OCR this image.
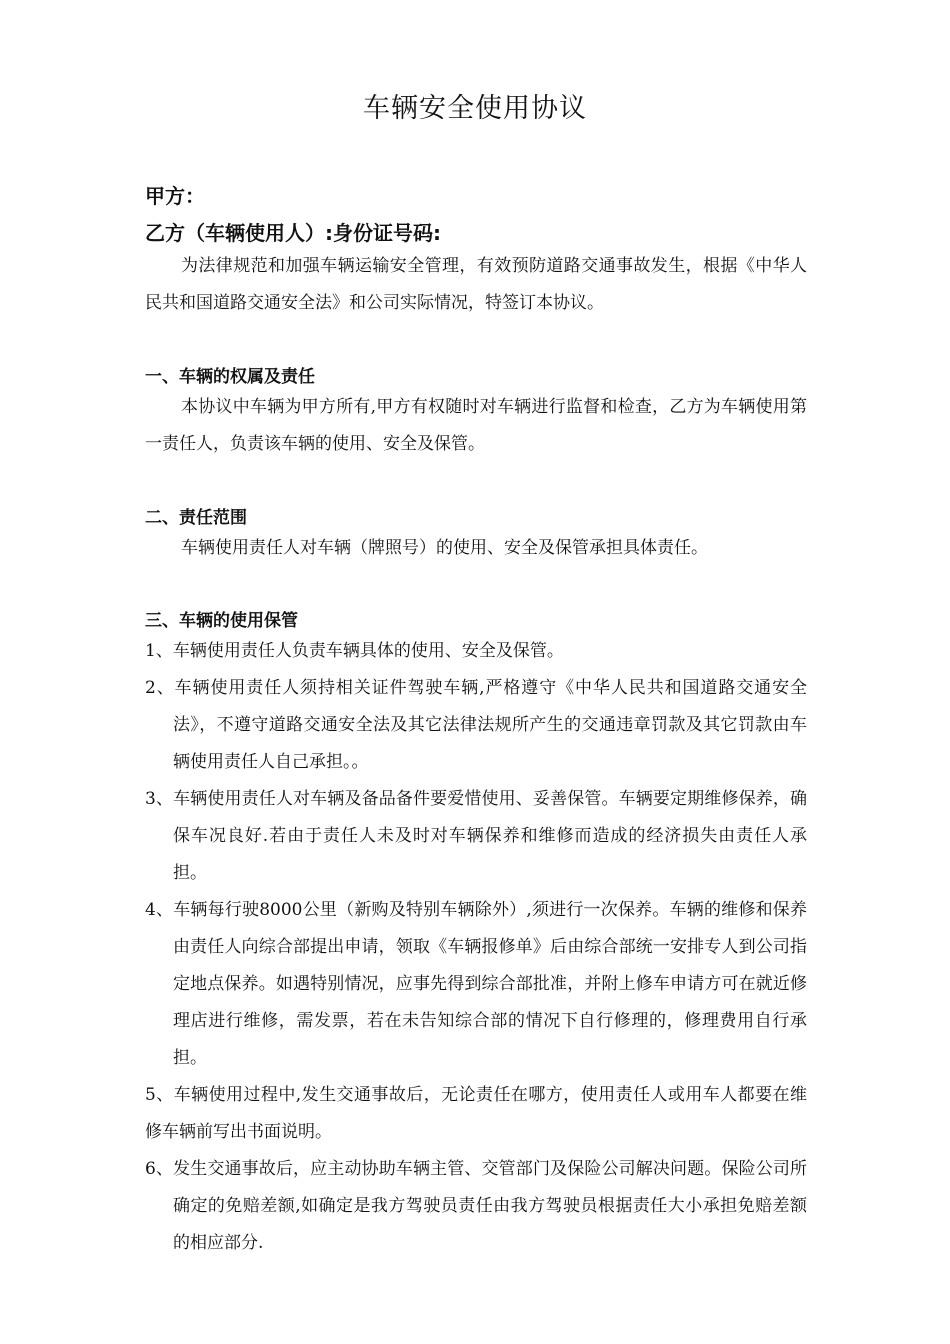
车辆安全使用协议
甲方：
乙方（车辆使用人）:身份证号码:

为法律规范和加强车辆运输安全管理，有效预防道路交通事故发生，根据《中华人民共和国道路交通安全法》和公司实际情况，特签订本协议。

一、车辆的权属及责任

本协议中车辆为甲方所有,甲方有权随时对车辆进行监督和检查，乙方为车辆使用第一责任人，负责该车辆的使用、安全及保管。

二、责任范围

车辆使用责任人对车辆（牌照号）的使用、安全及保管承担具体责任。

三、车辆的使用保管

1、车辆使用责任人负责车辆具体的使用、安全及保管。

2、车辆使用责任人须持相关证件驾驶车辆,严格遵守《中华人民共和国道路交通安全法》，不遵守道路交通安全法及其它法律法规所产生的交通违章罚款及其它罚款由车辆使用责任人自己承担。。

3、车辆使用责任人对车辆及备品备件要爱惜使用、妥善保管。车辆要定期维修保养，确保车况良好.若由于责任人未及时对车辆保养和维修而造成的经济损失由责任人承担。

4、车辆每行驶8000公里（新购及特别车辆除外）,须进行一次保养。车辆的维修和保养由责任人向综合部提出申请，领取《车辆报修单》后由综合部统一安排专人到公司指定地点保养。如遇特别情况，应事先得到综合部批准，并附上修车申请方可在就近修理店进行维修，需发票，若在未告知综合部的情况下自行修理的，修理费用自行承担。

5、车辆使用过程中,发生交通事故后，无论责任在哪方，使用责任人或用车人都要在维修车辆前写出书面说明。

6、发生交通事故后，应主动协助车辆主管、交管部门及保险公司解决问题。保险公司所确定的免赔差额,如确定是我方驾驶员责任由我方驾驶员根据责任大小承担免赔差额的相应部分.
